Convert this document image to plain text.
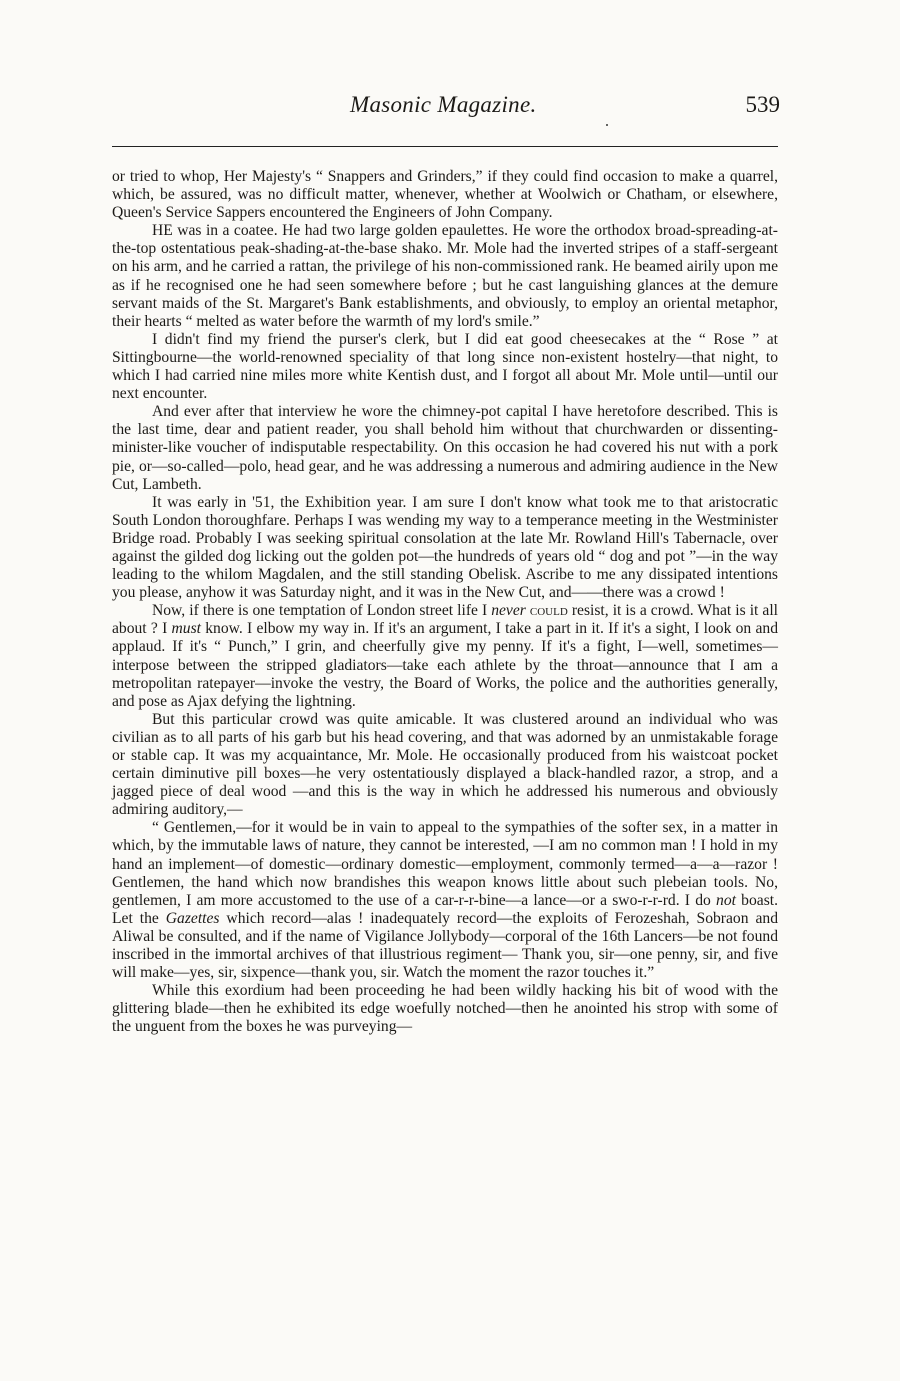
Masonic Magazine.	539

or tried to whop, Her Majesty's “ Snappers and Grinders,” if they could find occasion to make a quarrel, which, be assured, was no difficult matter, whenever, whether at Woolwich or Chatham, or elsewhere, Queen's Service Sappers encountered the Engineers of John Company.

HE was in a coatee. He had two large golden epaulettes. He wore the orthodox broad-spreading-at-the-top ostentatious peak-shading-at-the-base shako. Mr. Mole had the inverted stripes of a staff-sergeant on his arm, and he carried a rattan, the privilege of his non-commissioned rank. He beamed airily upon me as if he recognised one he had seen somewhere before ; but he cast languishing glances at the demure servant maids of the St. Margaret's Bank establishments, and obviously, to employ an oriental metaphor, their hearts “ melted as water before the warmth of my lord's smile.”

I didn't find my friend the purser's clerk, but I did eat good cheesecakes at the “ Rose ” at Sittingbourne—the world-renowned speciality of that long since non-existent hostelry—that night, to which I had carried nine miles more white Kentish dust, and I forgot all about Mr. Mole until—until our next encounter.

And ever after that interview he wore the chimney-pot capital I have heretofore described. This is the last time, dear and patient reader, you shall behold him without that churchwarden or dissenting-minister-like voucher of indisputable respectability. On this occasion he had covered his nut with a pork pie, or—so-called—polo, head gear, and he was addressing a numerous and admiring audience in the New Cut, Lambeth.

It was early in '51, the Exhibition year. I am sure I don't know what took me to that aristocratic South London thoroughfare. Perhaps I was wending my way to a temperance meeting in the Westminister Bridge road. Probably I was seeking spiritual consolation at the late Mr. Rowland Hill's Tabernacle, over against the gilded dog licking out the golden pot—the hundreds of years old “ dog and pot ”—in the way leading to the whilom Magdalen, and the still standing Obelisk. Ascribe to me any dissipated intentions you please, anyhow it was Saturday night, and it was in the New Cut, and——there was a crowd !

Now, if there is one temptation of London street life I never could resist, it is a crowd. What is it all about ? I must know. I elbow my way in. If it's an argument, I take a part in it. If it's a sight, I look on and applaud. If it's “ Punch,” I grin, and cheerfully give my penny. If it's a fight, I—well, sometimes—interpose between the stripped gladiators—take each athlete by the throat—announce that I am a metropolitan ratepayer—invoke the vestry, the Board of Works, the police and the authorities generally, and pose as Ajax defying the lightning.

But this particular crowd was quite amicable. It was clustered around an individual who was civilian as to all parts of his garb but his head covering, and that was adorned by an unmistakable forage or stable cap. It was my acquaintance, Mr. Mole. He occasionally produced from his waistcoat pocket certain diminutive pill boxes—he very ostentatiously displayed a black-handled razor, a strop, and a jagged piece of deal wood —and this is the way in which he addressed his numerous and obviously admiring auditory,—

“ Gentlemen,—for it would be in vain to appeal to the sympathies of the softer sex, in a matter in which, by the immutable laws of nature, they cannot be interested, —I am no common man ! I hold in my hand an implement—of domestic—ordinary domestic—employment, commonly termed—a—a—razor ! Gentlemen, the hand which now brandishes this weapon knows little about such plebeian tools. No, gentlemen, I am more accustomed to the use of a car-r-r-bine—a lance—or a swo-r-r-rd. I do not boast. Let the Gazettes which record—alas ! inadequately record—the exploits of Ferozeshah, Sobraon and Aliwal be consulted, and if the name of Vigilance Jollybody—corporal of the 16th Lancers—be not found inscribed in the immortal archives of that illustrious regiment— Thank you, sir—one penny, sir, and five will make—yes, sir, sixpence—thank you, sir. Watch the moment the razor touches it.”

While this exordium had been proceeding he had been wildly hacking his bit of wood with the glittering blade—then he exhibited its edge woefully notched—then he anointed his strop with some of the unguent from the boxes he was purveying—
